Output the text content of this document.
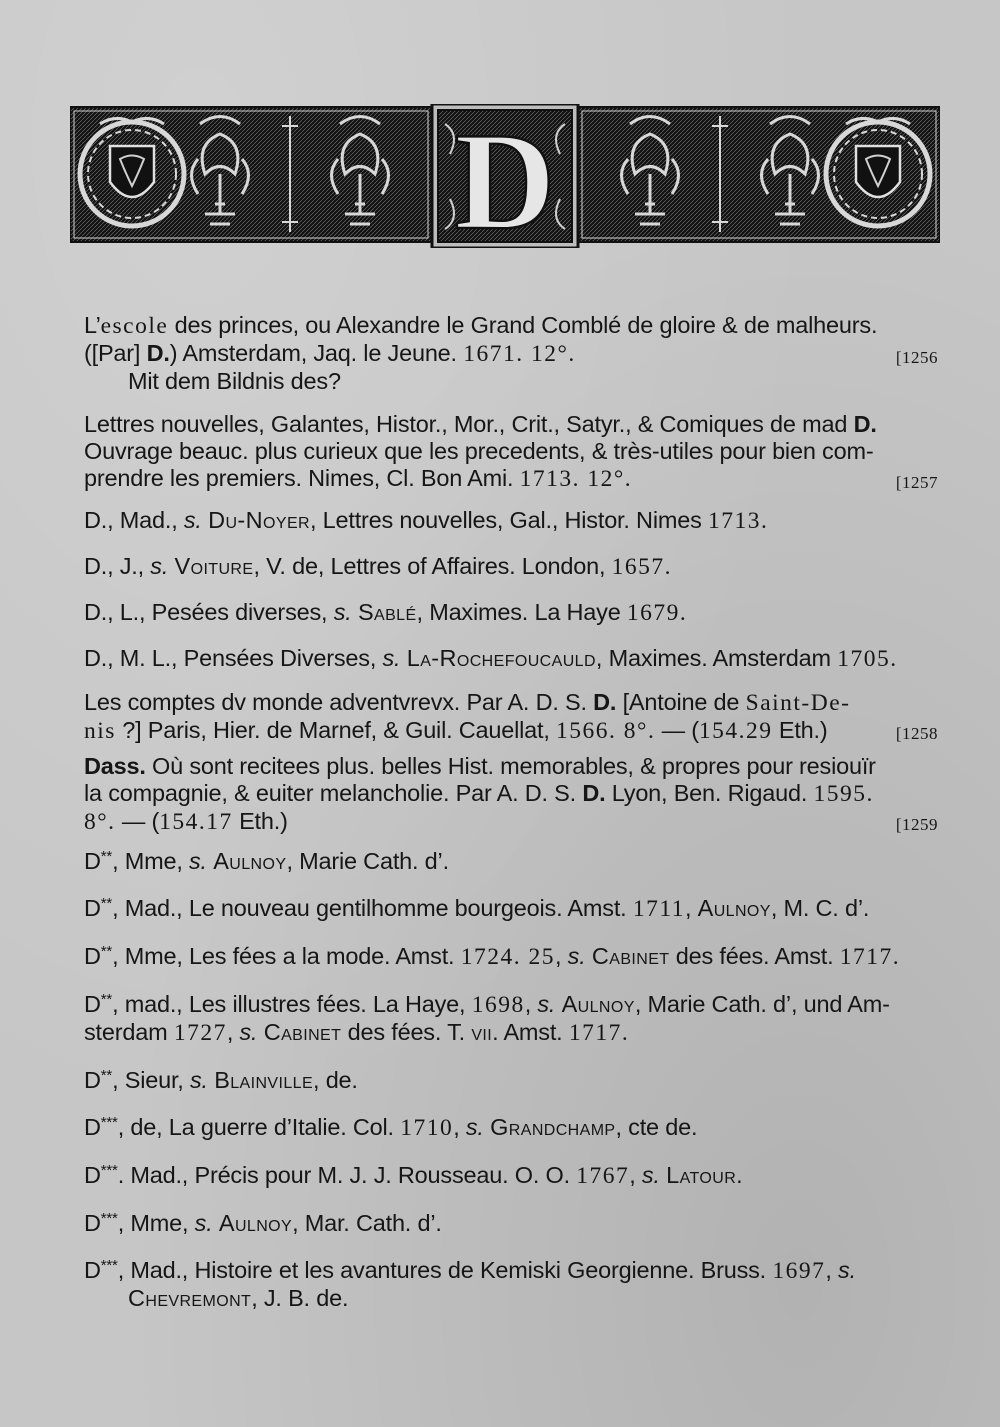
D
L’escole des princes, ou Alexandre le Grand Comblé de gloire & de malheurs.
([Par] D.) Amsterdam, Jaq. le Jeune. 1671. 12°.
Mit dem Bildnis des?
[1256
Lettres nouvelles, Galantes, Histor., Mor., Crit., Satyr., & Comiques de mad D.
Ouvrage beauc. plus curieux que les precedents, & très-utiles pour bien com-
prendre les premiers. Nimes, Cl. Bon Ami. 1713. 12°.	[1257
D., Mad., s. Du-Noyer, Lettres nouvelles, Gal., Histor. Nimes 1713.
D., J., s. Voiture, V. de, Lettres of Affaires. London, 1657.
D., L., Pesées diverses, s. Sablé, Maximes. La Haye 1679.
D., M. L., Pensées Diverses, s. La-Rochefoucauld, Maximes. Amsterdam 1705.
Les comptes dv monde adventvrevx. Par A. D. S. D. [Antoine de Saint-De-
nis ?] Paris, Hier. de Marnef, & Guil. Cauellat, 1566. 8°. — (154.29 Eth.)	[1258
Dass. Où sont recitees plus. belles Hist. memorables, & propres pour resiouïr
la compagnie, & euiter melancholie. Par A. D. S. D. Lyon, Ben. Rigaud. 1595.
8°. — (154.17 Eth.)	[1259
D**, Mme, s. Aulnoy, Marie Cath. d’.
D**, Mad., Le nouveau gentilhomme bourgeois. Amst. 1711, Aulnoy, M. C. d’.
D**, Mme, Les fées a la mode. Amst. 1724. 25, s. Cabinet des fées. Amst. 1717.
D**, mad., Les illustres fées. La Haye, 1698, s. Aulnoy, Marie Cath. d’, und Am-
sterdam 1727, s. Cabinet des fées. T. vii. Amst. 1717.
D**, Sieur, s. Blainville, de.
D***, de, La guerre d’Italie. Col. 1710, s. Grandchamp, cte de.
D***. Mad., Précis pour M. J. J. Rousseau. O. O. 1767, s. Latour.
D***, Mme, s. Aulnoy, Mar. Cath. d’.
D***, Mad., Histoire et les avantures de Kemiski Georgienne. Bruss. 1697, s.
Chevremont, J. B. de.
